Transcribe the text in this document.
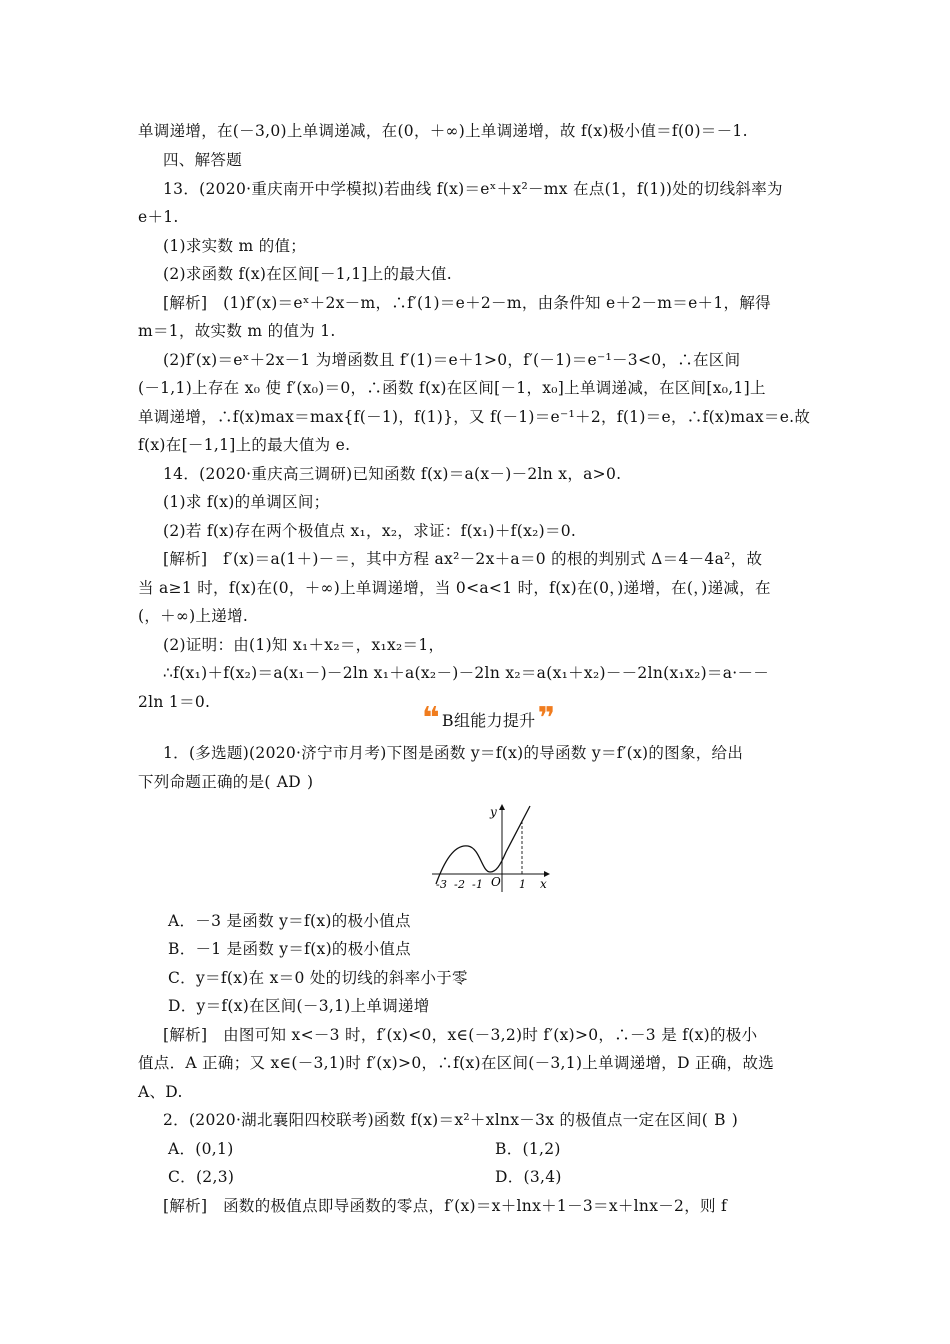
单调递增，在(－3,0)上单调递减，在(0，＋∞)上单调递增，故 f(x)极小值＝f(0)＝－1.
四、解答题
13．(2020·重庆南开中学模拟)若曲线 f(x)＝eˣ＋x²－mx 在点(1，f(1))处的切线斜率为
e＋1.
(1)求实数 m 的值；
(2)求函数 f(x)在区间[－1,1]上的最大值.
[解析]　(1)f′(x)＝eˣ＋2x－m，∴f′(1)＝e＋2－m，由条件知 e＋2－m＝e＋1，解得
m＝1，故实数 m 的值为 1.
(2)f′(x)＝eˣ＋2x－1 为增函数且 f′(1)＝e＋1>0，f′(－1)＝e⁻¹－3<0，∴在区间
(－1,1)上存在 x₀ 使 f′(x₀)＝0，∴函数 f(x)在区间[－1，x₀]上单调递减，在区间[x₀,1]上
单调递增，∴f(x)max＝max{f(－1)，f(1)}，又 f(－1)＝e⁻¹＋2，f(1)＝e，∴f(x)max＝e.故
f(x)在[－1,1]上的最大值为 e.
14．(2020·重庆高三调研)已知函数 f(x)＝a(x－)－2ln x，a>0.
(1)求 f(x)的单调区间；
(2)若 f(x)存在两个极值点 x₁，x₂，求证：f(x₁)＋f(x₂)＝0.
[解析]　f′(x)＝a(1＋)－＝，其中方程 ax²－2x＋a＝0 的根的判别式 Δ＝4－4a²，故
当 a≥1 时，f(x)在(0，＋∞)上单调递增，当 0<a<1 时，f(x)在(0，)递增，在(，)递减，在
(，＋∞)上递增.
(2)证明：由(1)知 x₁＋x₂＝，x₁x₂＝1，
∴f(x₁)＋f(x₂)＝a(x₁－)－2ln x₁＋a(x₂－)－2ln x₂＝a(x₁＋x₂)－－2ln(x₁x₂)＝a·－－
2ln 1＝0.	❝ B组能力提升 ❞
1．(多选题)(2020·济宁市月考)下图是函数 y＝f(x)的导函数 y＝f′(x)的图象，给出
下列命题正确的是( AD )
y
x
O
-3 -2 -1	1
A．－3 是函数 y＝f(x)的极小值点
B．－1 是函数 y＝f(x)的极小值点
C．y＝f(x)在 x＝0 处的切线的斜率小于零
D．y＝f(x)在区间(－3,1)上单调递增
[解析]　由图可知 x<－3 时，f′(x)<0，x∈(－3,2)时 f′(x)>0，∴－3 是 f(x)的极小
值点．A 正确；又 x∈(－3,1)时 f′(x)>0，∴f(x)在区间(－3,1)上单调递增，D 正确，故选
A、D.
2．(2020·湖北襄阳四校联考)函数 f(x)＝x²＋xlnx－3x 的极值点一定在区间( B )
A．(0,1)	B．(1,2)
C．(2,3)	D．(3,4)
[解析]　函数的极值点即导函数的零点，f′(x)＝x＋lnx＋1－3＝x＋lnx－2，则 f
